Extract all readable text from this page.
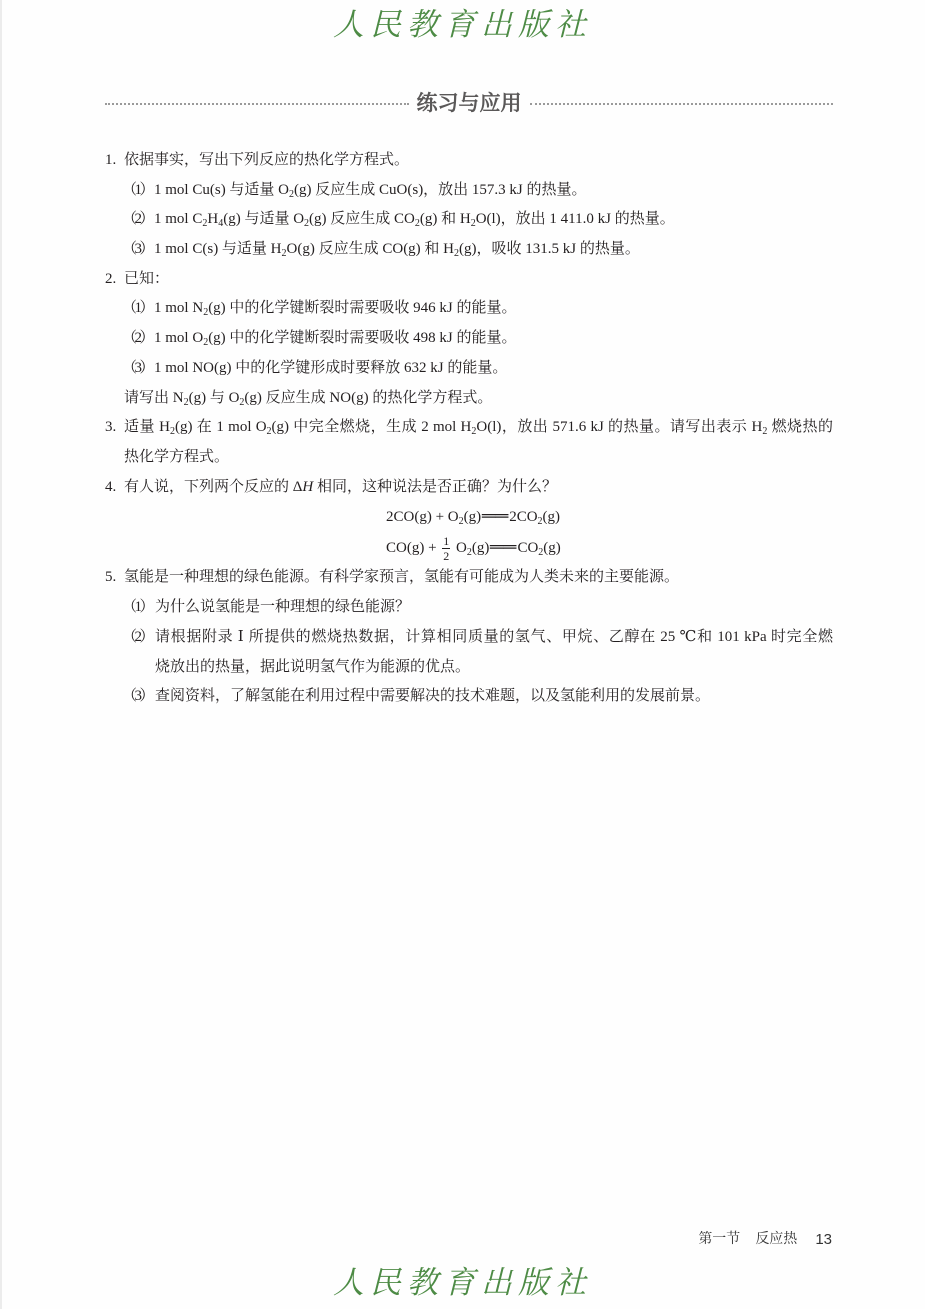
人民教育出版社
练习与应用
1. 依据事实，写出下列反应的热化学方程式。
（1） 1 mol Cu(s) 与适量 $O_2(g)$ 反应生成 CuO(s)，放出 157.3 kJ 的热量。
（2） 1 mol $C_2H_4(g)$ 与适量 $O_2(g)$ 反应生成 $CO_2(g)$ 和 $H_2O(l)$，放出 1 411.0 kJ 的热量。
（3） 1 mol C(s) 与适量 $H_2O(g)$ 反应生成 CO(g) 和 $H_2(g)$，吸收 131.5 kJ 的热量。
2. 已知：
（1） 1 mol $N_2(g)$ 中的化学键断裂时需要吸收 946 kJ 的能量。
（2） 1 mol $O_2(g)$ 中的化学键断裂时需要吸收 498 kJ 的能量。
（3） 1 mol NO(g) 中的化学键形成时要释放 632 kJ 的能量。
请写出 $N_2(g)$ 与 $O_2(g)$ 反应生成 NO(g) 的热化学方程式。
3. 适量 $H_2(g)$ 在 1 mol $O_2(g)$ 中完全燃烧，生成 2 mol $H_2O(l)$，放出 571.6 kJ 的热量。请写出表示 $H_2$ 燃烧热的
热化学方程式。
4. 有人说，下列两个反应的 ΔH 相同，这种说法是否正确？为什么？
$2CO(g) + O_2(g)══2CO_2(g)$
$CO(g) + \frac{1}{2}$ $O_2(g)══CO_2(g)$
5. 氢能是一种理想的绿色能源。有科学家预言，氢能有可能成为人类未来的主要能源。
（1） 为什么说氢能是一种理想的绿色能源？
（2） 请根据附录 Ⅰ 所提供的燃烧热数据，计算相同质量的氢气、甲烷、乙醇在 25 ℃和 101 kPa 时完全燃
烧放出的热量，据此说明氢气作为能源的优点。
（3） 查阅资料，了解氢能在利用过程中需要解决的技术难题，以及氢能利用的发展前景。
第一节 反应热 13
人民教育出版社
